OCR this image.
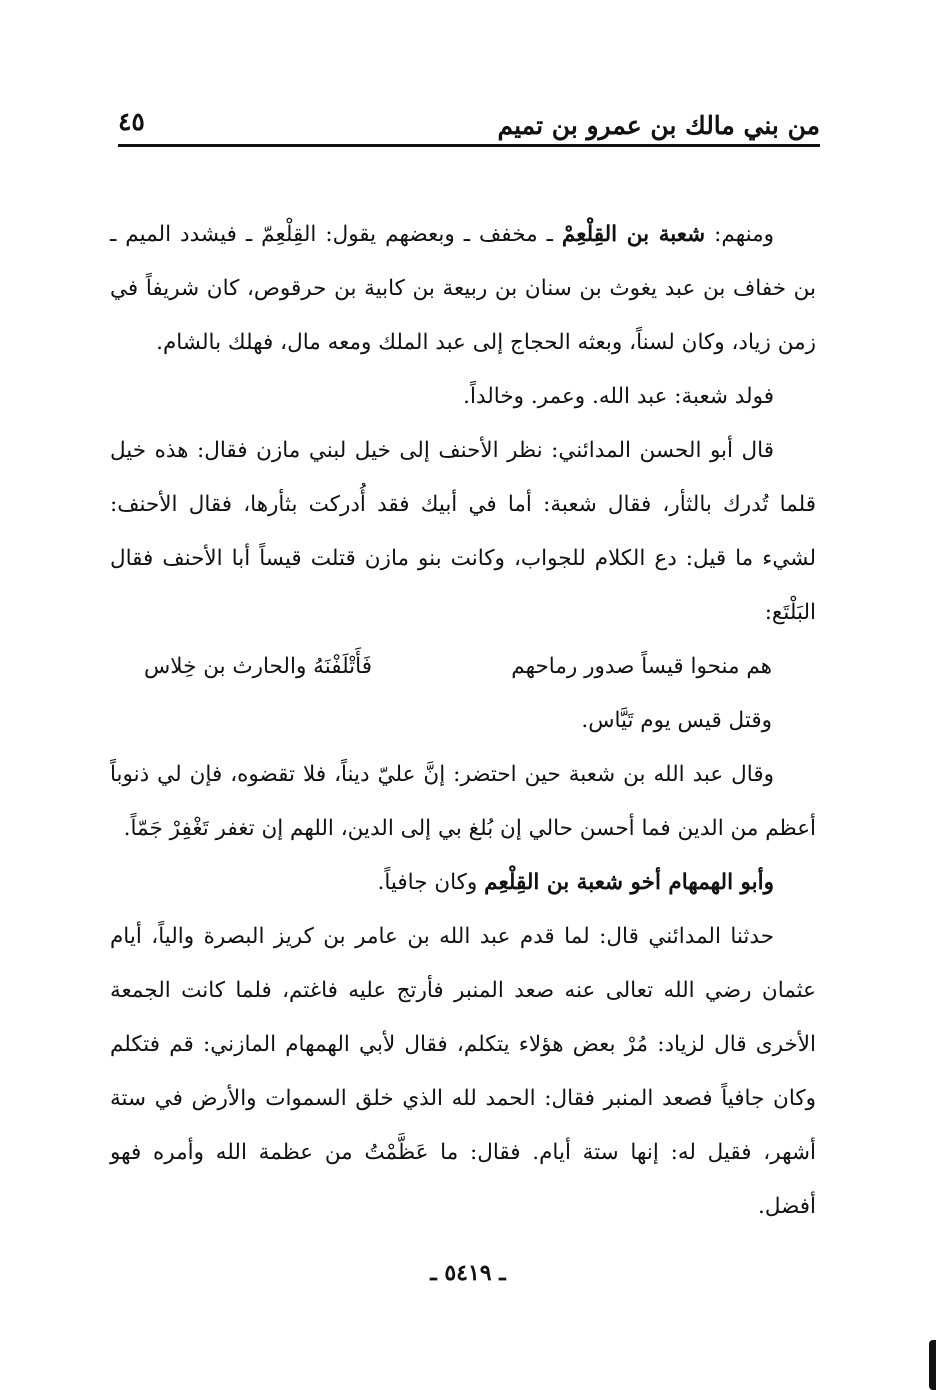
من بني مالك بن عمرو بن تميم
٤٥

ومنهم: شعبة بن القِلْعِمْ ـ مخفف ـ وبعضهم يقول: القِلْعِمّ ـ فيشدد الميم ـ بن خفاف بن عبد يغوث بن سنان بن ربيعة بن كابية بن حرقوص، كان شريفاً في زمن زياد، وكان لسناً، وبعثه الحجاج إلى عبد الملك ومعه مال، فهلك بالشام.

فولد شعبة: عبد الله. وعمر. وخالداً.

قال أبو الحسن المدائني: نظر الأحنف إلى خيل لبني مازن فقال: هذه خيل قلما تُدرك بالثأر، فقال شعبة: أما في أبيك فقد أُدركت بثأرها، فقال الأحنف: لشيء ما قيل: دع الكلام للجواب، وكانت بنو مازن قتلت قيساً أبا الأحنف فقال البَلْتَع:

هم منحوا قيساً صدور رماحهم
فَأَتْلَفْنَهُ والحارث بن خِلاس
وقتل قيس يوم تَيَّاس.

وقال عبد الله بن شعبة حين احتضر: إنَّ عليّ ديناً، فلا تقضوه، فإن لي ذنوباً أعظم من الدين فما أحسن حالي إن بُلغ بي إلى الدين، اللهم إن تغفر تَغْفِرْ جَمّاً.

وأبو الهمهام أخو شعبة بن القِلْعِم وكان جافياً.

حدثنا المدائني قال: لما قدم عبد الله بن عامر بن كريز البصرة والياً، أيام عثمان رضي الله تعالى عنه صعد المنبر فأرتج عليه فاغتم، فلما كانت الجمعة الأخرى قال لزياد: مُرْ بعض هؤلاء يتكلم، فقال لأبي الهمهام المازني: قم فتكلم وكان جافياً فصعد المنبر فقال: الحمد لله الذي خلق السموات والأرض في ستة أشهر، فقيل له: إنها ستة أيام. فقال: ما عَظَّمْتُ من عظمة الله وأمره فهو أفضل.

ـ ٥٤١٩ ـ
